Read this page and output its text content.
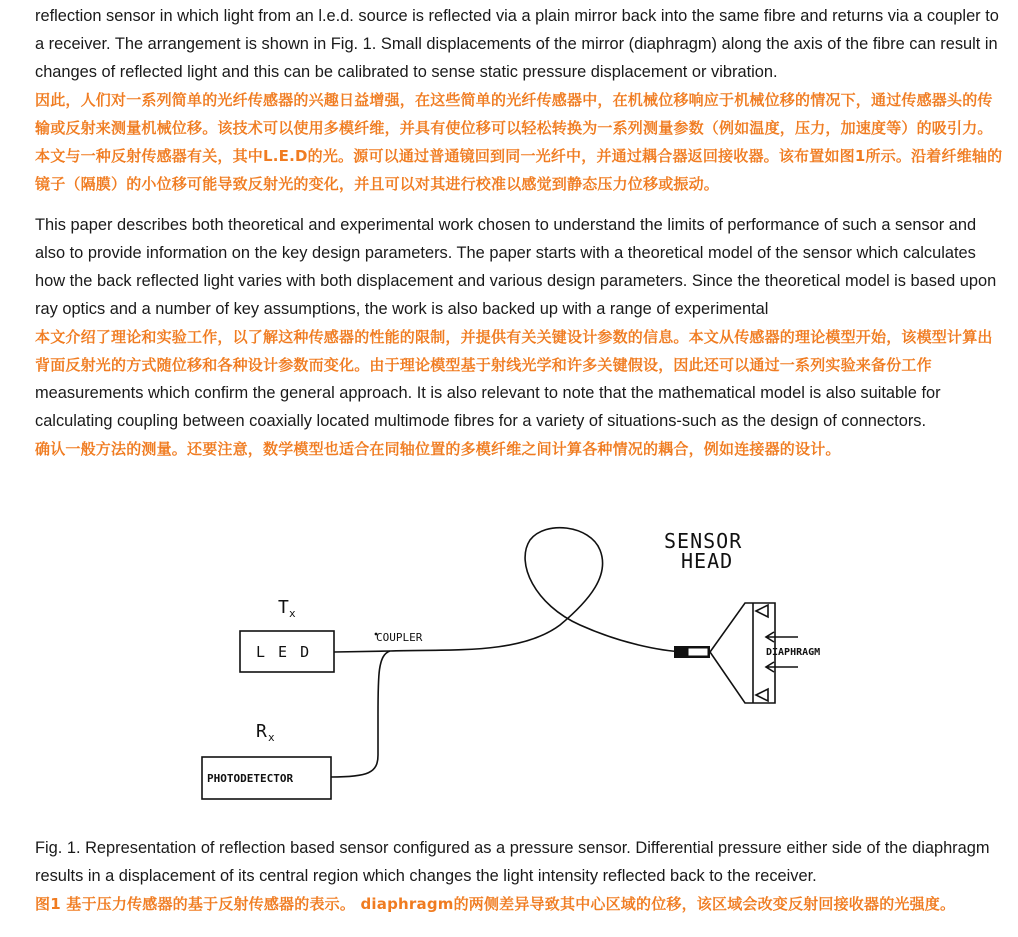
reflection sensor in which light from an l.e.d. source is reflected via a plain mirror back into the same fibre and returns via a coupler to a receiver. The arrangement is shown in Fig. 1. Small displacements of the mirror (diaphragm) along the axis of the fibre can result in changes of reflected light and this can be calibrated to sense static pressure displacement or vibration.

因此，人们对一系列简单的光纤传感器的兴趣日益增强，在这些简单的光纤传感器中，在机械位移响应于机械位移的情况下，通过传感器头的传输或反射来测量机械位移。该技术可以使用多模纤维，并具有使位移可以轻松转换为一系列测量参数（例如温度，压力，加速度等）的吸引力。本文与一种反射传感器有关，其中L.E.D的光。源可以通过普通镜回到同一光纤中，并通过耦合器返回接收器。该布置如图1所示。沿着纤维轴的镜子（隔膜）的小位移可能导致反射光的变化，并且可以对其进行校准以感觉到静态压力位移或振动。

This paper describes both theoretical and experimental work chosen to understand the limits of performance of such a sensor and also to provide information on the key design parameters. The paper starts with a theoretical model of the sensor which calculates how the back reflected light varies with both displacement and various design parameters. Since the theoretical model is based upon ray optics and a number of key assumptions, the work is also backed up with a range of experimental

本文介绍了理论和实验工作，以了解这种传感器的性能的限制，并提供有关关键设计参数的信息。本文从传感器的理论模型开始，该模型计算出背面反射光的方式随位移和各种设计参数而变化。由于理论模型基于射线光学和许多关键假设，因此还可以通过一系列实验来备份工作

measurements which confirm the general approach. It is also relevant to note that the mathematical model is also suitable for calculating coupling between coaxially located multimode fibres for a variety of situations-such as the design of connectors.

确认一般方法的测量。还要注意，数学模型也适合在同轴位置的多模纤维之间计算各种情况的耦合，例如连接器的设计。

SENSOR
HEAD
T x
L E D
COUPLER
R x
PHOTODETECTOR
DIAPHRAGM

Fig. 1. Representation of reflection based sensor configured as a pressure sensor. Differential pressure either side of the diaphragm results in a displacement of its central region which changes the light intensity reflected back to the receiver.

图1 基于压力传感器的基于反射传感器的表示。 diaphragm的两侧差异导致其中心区域的位移，该区域会改变反射回接收器的光强度。
